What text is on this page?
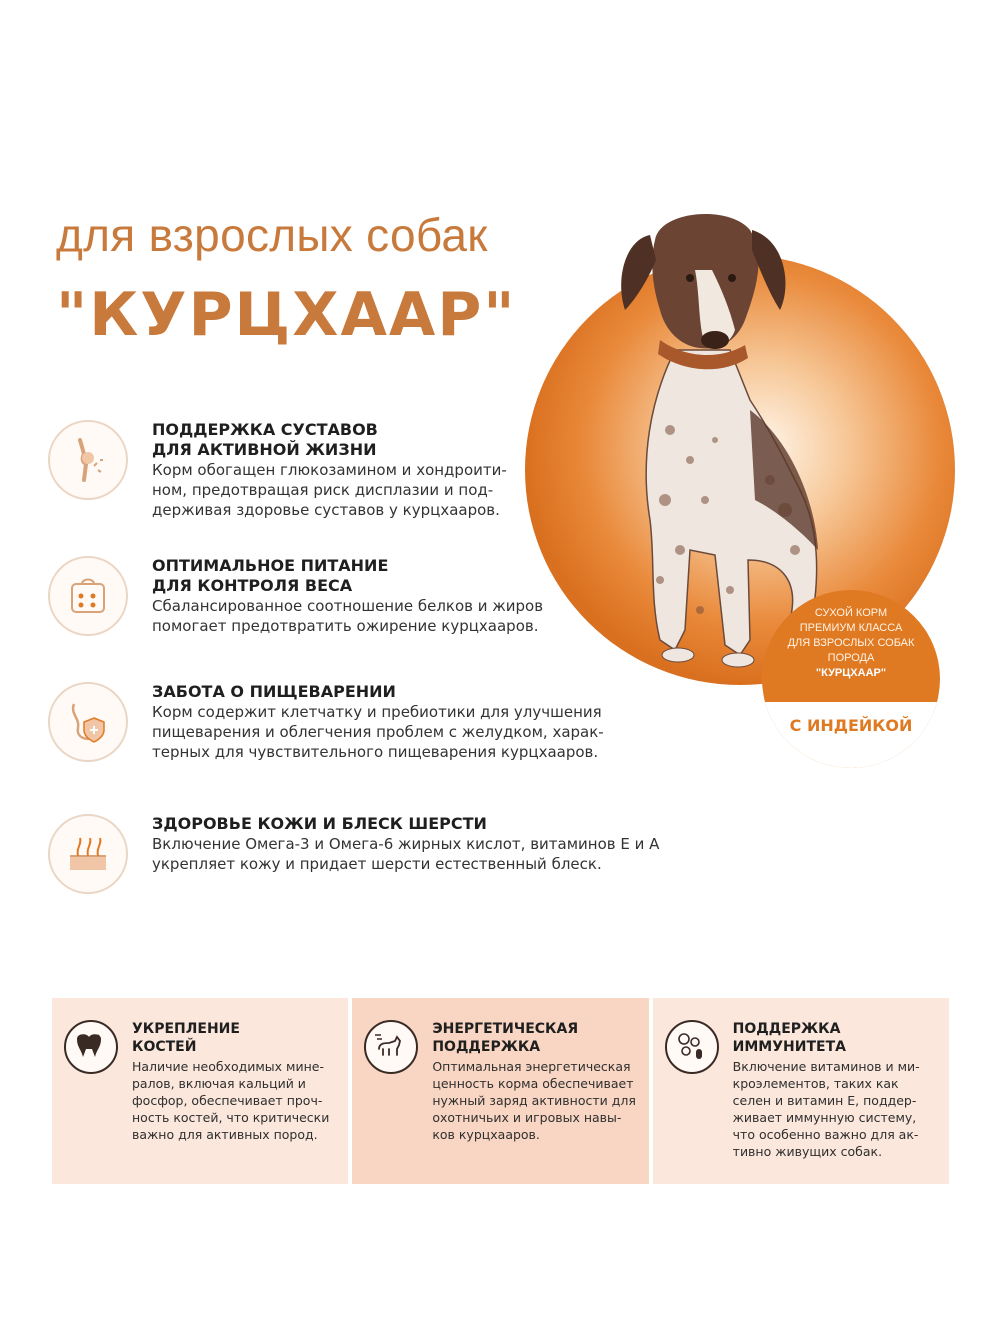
для взрослых собак
"КУРЦХААР"
СУХОЙ КОРМ
ПРЕМИУМ КЛАССА
ДЛЯ ВЗРОСЛЫХ СОБАК
ПОРОДА
"КУРЦХААР"
С ИНДЕЙКОЙ
ПОДДЕРЖКА СУСТАВОВ
ДЛЯ АКТИВНОЙ ЖИЗНИ
Корм обогащен глюкозамином и хондроити-
ном, предотвращая риск дисплазии и под-
держивая здоровье суставов у курцхааров.
ОПТИМАЛЬНОЕ ПИТАНИЕ
ДЛЯ КОНТРОЛЯ ВЕСА
Сбалансированное соотношение белков и жиров
помогает предотвратить ожирение курцхааров.
ЗАБОТА О ПИЩЕВАРЕНИИ
Корм содержит клетчатку и пребиотики для улучшения
пищеварения и облегчения проблем с желудком, харак-
терных для чувствительного пищеварения курцхааров.
ЗДОРОВЬЕ КОЖИ И БЛЕСК ШЕРСТИ
Включение Омега-3 и Омега-6 жирных кислот, витаминов Е и А
укрепляет кожу и придает шерсти естественный блеск.
УКРЕПЛЕНИЕ
КОСТЕЙ
Наличие необходимых мине-
ралов, включая кальций и
фосфор, обеспечивает проч-
ность костей, что критически
важно для активных пород.
ЭНЕРГЕТИЧЕСКАЯ
ПОДДЕРЖКА
Оптимальная энергетическая
ценность корма обеспечивает
нужный заряд активности для
охотничьих и игровых навы-
ков курцхааров.
ПОДДЕРЖКА
ИММУНИТЕТА
Включение витаминов и ми-
кроэлементов, таких как
селен и витамин Е, поддер-
живает иммунную систему,
что особенно важно для ак-
тивно живущих собак.
